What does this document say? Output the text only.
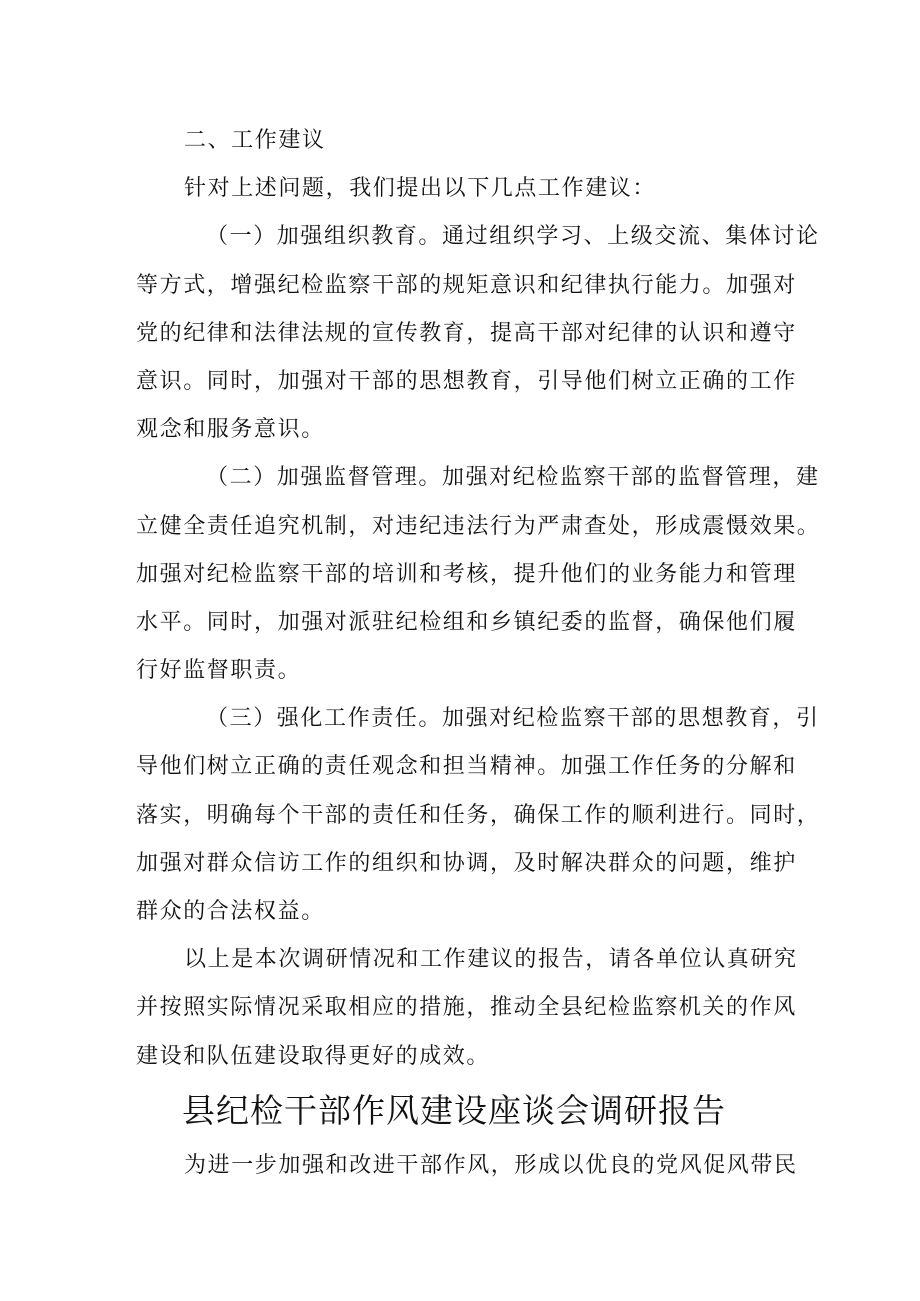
二、工作建议
针对上述问题，我们提出以下几点工作建议：
（一）加强组织教育。通过组织学习、上级交流、集体讨论
等方式，增强纪检监察干部的规矩意识和纪律执行能力。加强对
党的纪律和法律法规的宣传教育，提高干部对纪律的认识和遵守
意识。同时，加强对干部的思想教育，引导他们树立正确的工作
观念和服务意识。
（二）加强监督管理。加强对纪检监察干部的监督管理，建
立健全责任追究机制，对违纪违法行为严肃查处，形成震慑效果。
加强对纪检监察干部的培训和考核，提升他们的业务能力和管理
水平。同时，加强对派驻纪检组和乡镇纪委的监督，确保他们履
行好监督职责。
（三）强化工作责任。加强对纪检监察干部的思想教育，引
导他们树立正确的责任观念和担当精神。加强工作任务的分解和
落实，明确每个干部的责任和任务，确保工作的顺利进行。同时，
加强对群众信访工作的组织和协调，及时解决群众的问题，维护
群众的合法权益。
以上是本次调研情况和工作建议的报告，请各单位认真研究
并按照实际情况采取相应的措施，推动全县纪检监察机关的作风
建设和队伍建设取得更好的成效。
县纪检干部作风建设座谈会调研报告
为进一步加强和改进干部作风，形成以优良的党风促风带民
